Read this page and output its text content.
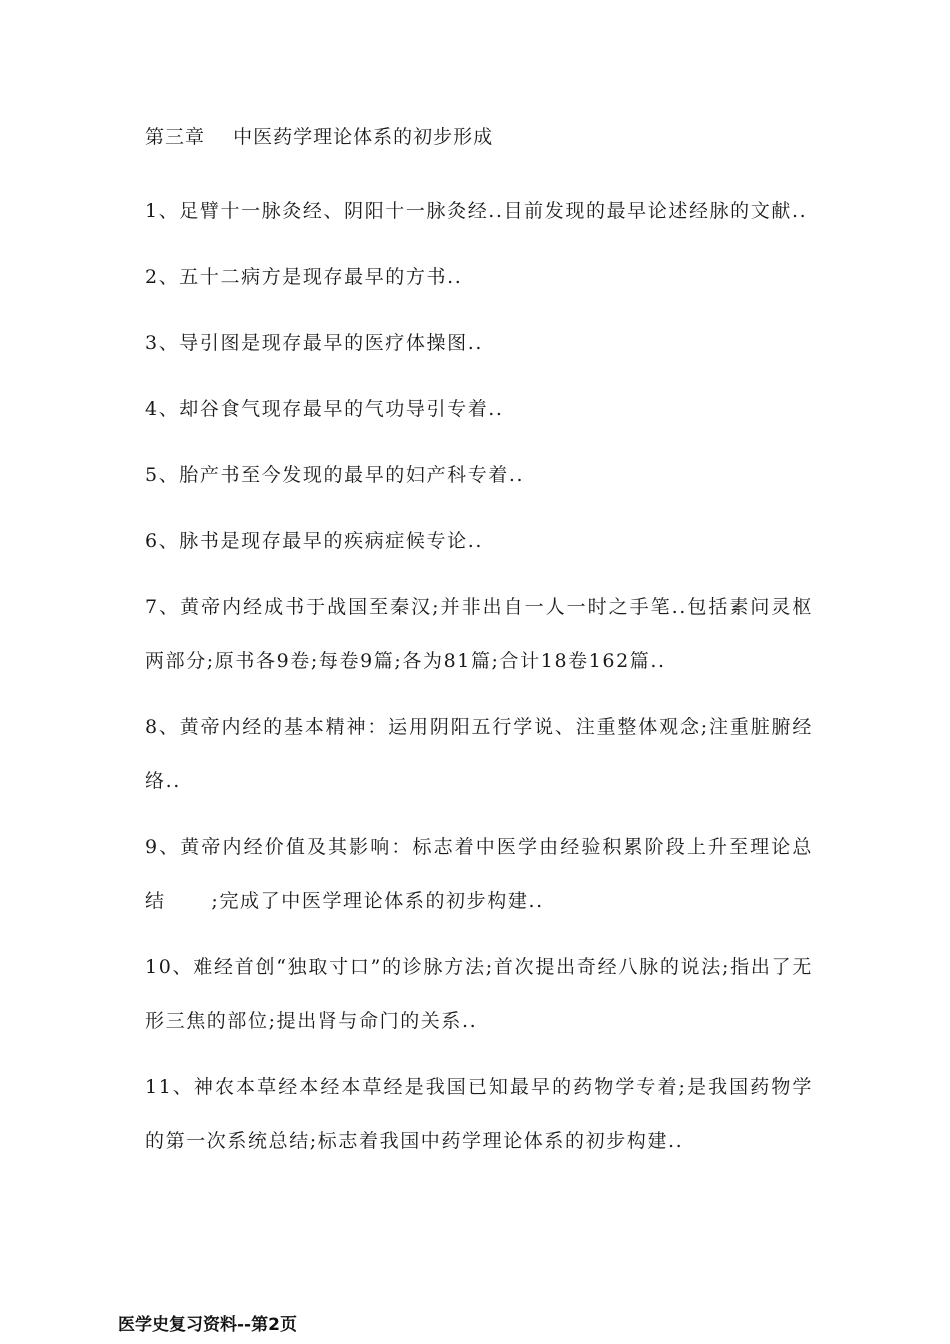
第三章    中医药学理论体系的初步形成

1、足臂十一脉灸经、阴阳十一脉灸经..目前发现的最早论述经脉的文献..

2、五十二病方是现存最早的方书..

3、导引图是现存最早的医疗体操图..

4、却谷食气现存最早的气功导引专着..

5、胎产书至今发现的最早的妇产科专着..

6、脉书是现存最早的疾病症候专论..

7、黄帝内经成书于战国至秦汉;并非出自一人一时之手笔..包括素问灵枢两部分;原书各9卷;每卷9篇;各为81篇;合计18卷162篇..

8、黄帝内经的基本精神：运用阴阳五行学说、注重整体观念;注重脏腑经络..

9、黄帝内经价值及其影响：标志着中医学由经验积累阶段上升至理论总结      ;完成了中医学理论体系的初步构建..

10、难经首创“独取寸口”的诊脉方法;首次提出奇经八脉的说法;指出了无形三焦的部位;提出肾与命门的关系..

11、神农本草经本经本草经是我国已知最早的药物学专着;是我国药物学的第一次系统总结;标志着我国中药学理论体系的初步构建..

医学史复习资料--第2页
